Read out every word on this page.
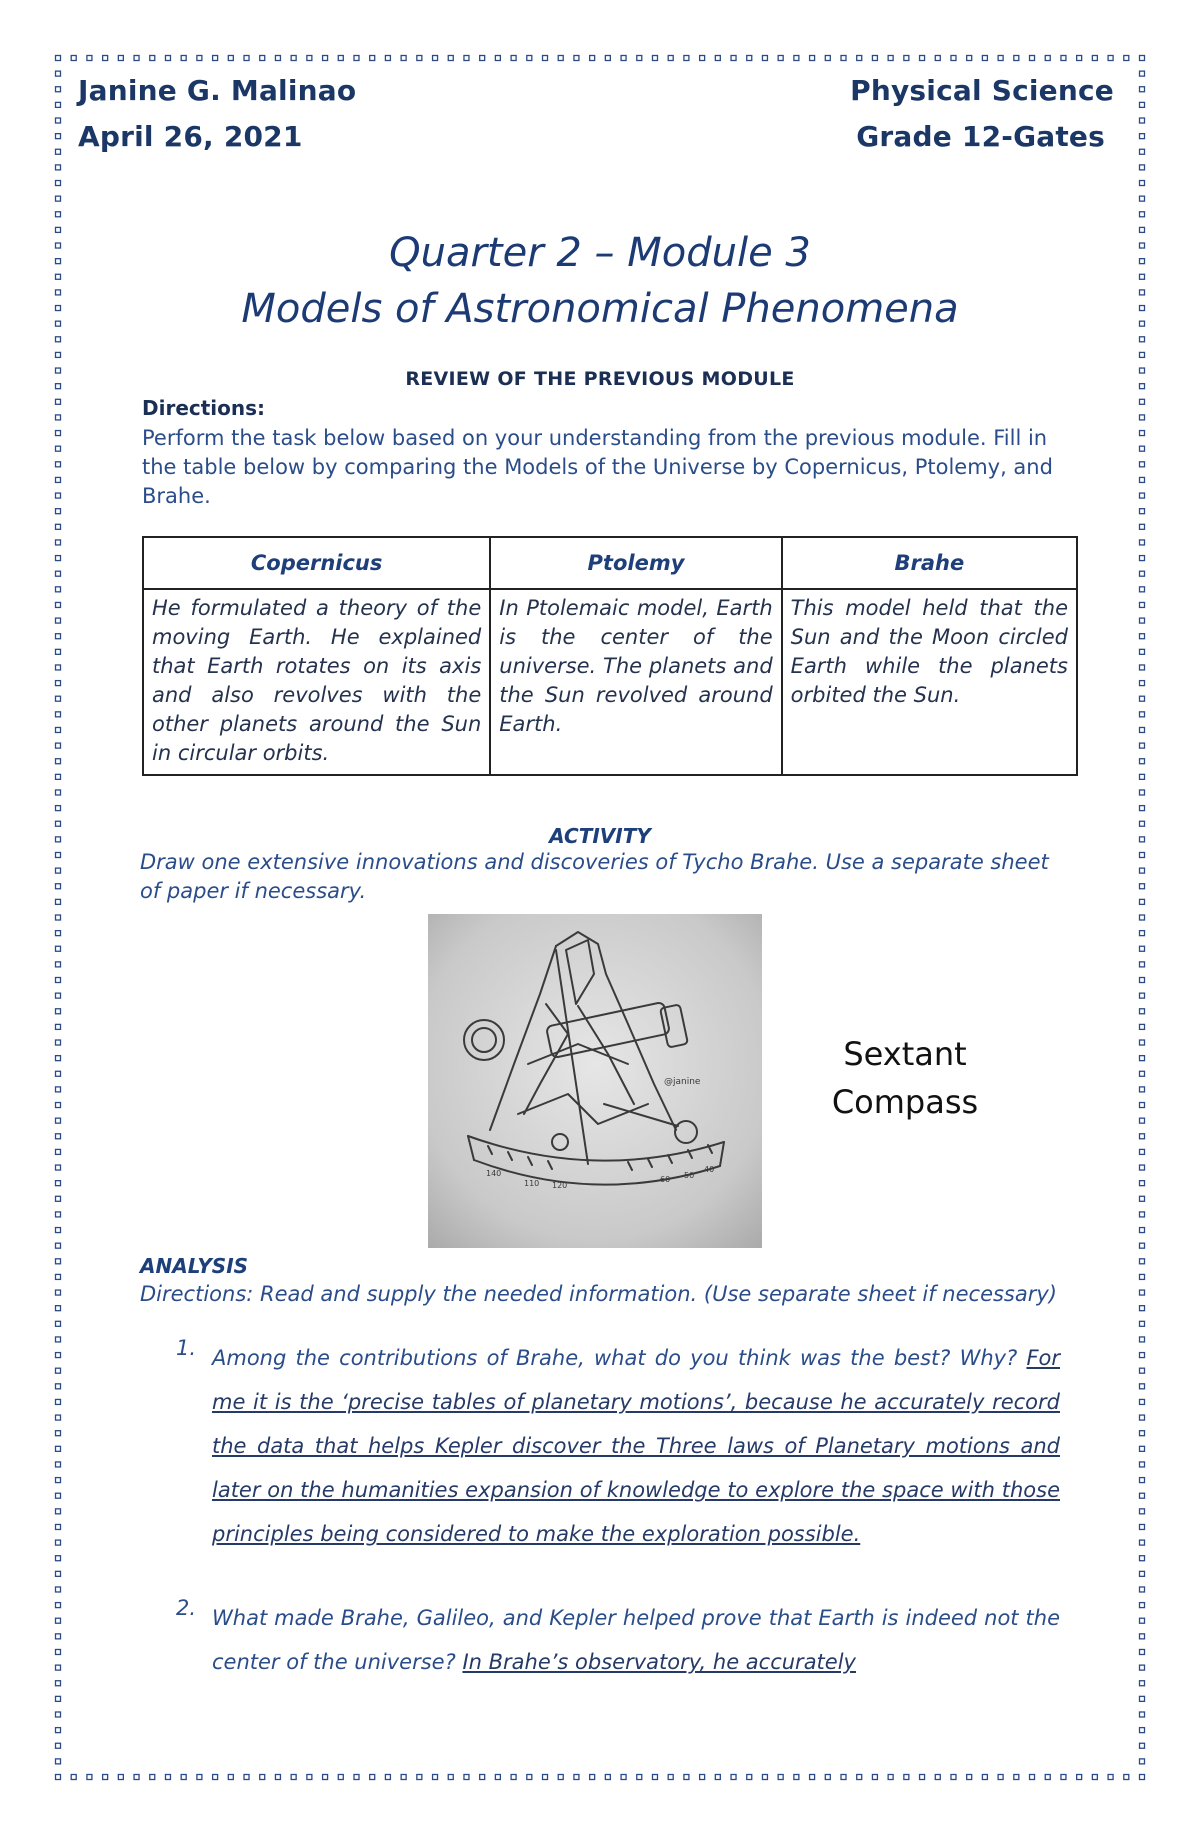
Janine G. Malinao
April 26, 2021
Physical Science
Grade 12-Gates
Quarter 2 – Module 3
Models of Astronomical Phenomena
REVIEW OF THE PREVIOUS MODULE
Directions:
Perform the task below based on your understanding from the previous module. Fill in the table below by comparing the Models of the Universe by Copernicus, Ptolemy, and Brahe.
Copernicus	Ptolemy	Brahe
He formulated a theory of the moving Earth. He explained that Earth rotates on its axis and also revolves with the other planets around the Sun in circular orbits.	In Ptolemaic model, Earth is the center of the universe. The planets and the Sun revolved around Earth.	This model held that the Sun and the Moon circled Earth while the planets orbited the Sun.
ACTIVITY
Draw one extensive innovations and discoveries of Tycho Brahe. Use a separate sheet of paper if necessary.
@janine
140
110 120
60 50
40
Sextant
Compass
ANALYSIS
Directions: Read and supply the needed information. (Use separate sheet if necessary)
1. Among the contributions of Brahe, what do you think was the best? Why? For me it is the ‘precise tables of planetary motions’, because he accurately record the data that helps Kepler discover the Three laws of Planetary motions and later on the humanities expansion of knowledge to explore the space with those principles being considered to make the exploration possible.
2. What made Brahe, Galileo, and Kepler helped prove that Earth is indeed not the center of the universe? In Brahe’s observatory, he accurately
